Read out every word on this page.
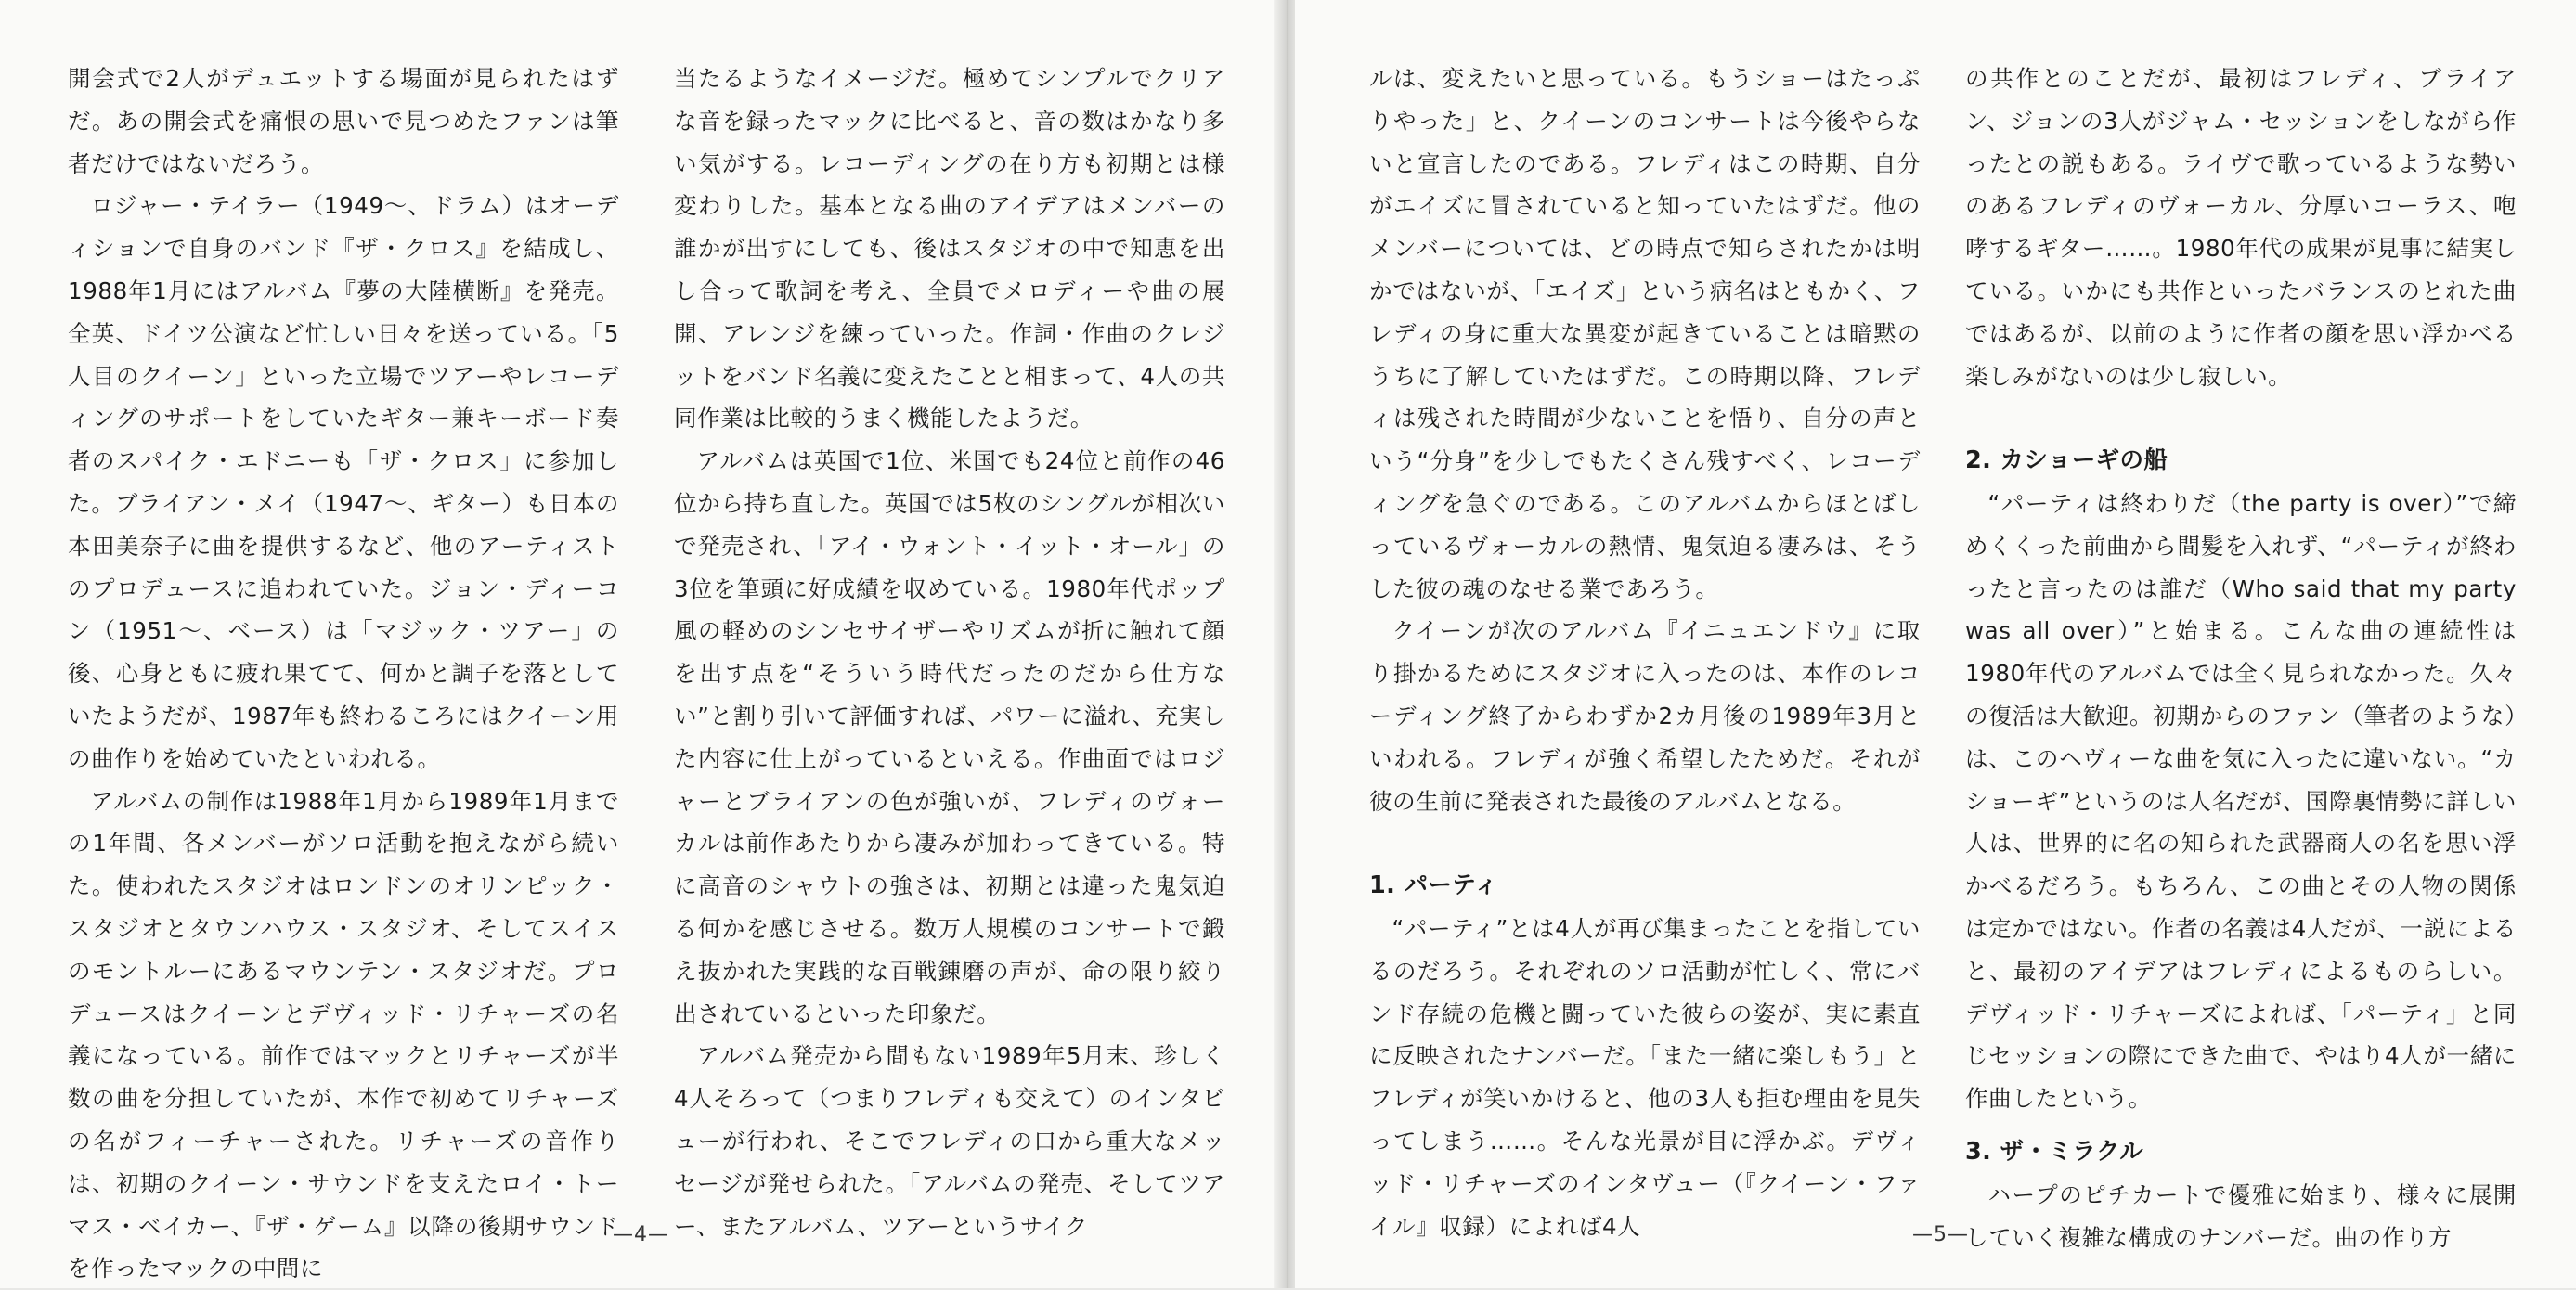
開会式で2人がデュエットする場面が見られたはずだ。あの開会式を痛恨の思いで見つめたファンは筆者だけではないだろう。

ロジャー・テイラー（1949〜、ドラム）はオーディションで自身のバンド『ザ・クロス』を結成し、1988年1月にはアルバム『夢の大陸横断』を発売。全英、ドイツ公演など忙しい日々を送っている。「5人目のクイーン」といった立場でツアーやレコーディングのサポートをしていたギター兼キーボード奏者のスパイク・エドニーも「ザ・クロス」に参加した。ブライアン・メイ（1947〜、ギター）も日本の本田美奈子に曲を提供するなど、他のアーティストのプロデュースに追われていた。ジョン・ディーコン（1951〜、ベース）は「マジック・ツアー」の後、心身ともに疲れ果てて、何かと調子を落としていたようだが、1987年も終わるころにはクイーン用の曲作りを始めていたといわれる。

アルバムの制作は1988年1月から1989年1月までの1年間、各メンバーがソロ活動を抱えながら続いた。使われたスタジオはロンドンのオリンピック・スタジオとタウンハウス・スタジオ、そしてスイスのモントルーにあるマウンテン・スタジオだ。プロデュースはクイーンとデヴィッド・リチャーズの名義になっている。前作ではマックとリチャーズが半数の曲を分担していたが、本作で初めてリチャーズの名がフィーチャーされた。リチャーズの音作りは、初期のクイーン・サウンドを支えたロイ・トーマス・ベイカー、『ザ・ゲーム』以降の後期サウンドを作ったマックの中間に

当たるようなイメージだ。極めてシンプルでクリアな音を録ったマックに比べると、音の数はかなり多い気がする。レコーディングの在り方も初期とは様変わりした。基本となる曲のアイデアはメンバーの誰かが出すにしても、後はスタジオの中で知恵を出し合って歌詞を考え、全員でメロディーや曲の展開、アレンジを練っていった。作詞・作曲のクレジットをバンド名義に変えたことと相まって、4人の共同作業は比較的うまく機能したようだ。

アルバムは英国で1位、米国でも24位と前作の46位から持ち直した。英国では5枚のシングルが相次いで発売され、「アイ・ウォント・イット・オール」の3位を筆頭に好成績を収めている。1980年代ポップ風の軽めのシンセサイザーやリズムが折に触れて顔を出す点を“そういう時代だったのだから仕方ない”と割り引いて評価すれば、パワーに溢れ、充実した内容に仕上がっているといえる。作曲面ではロジャーとブライアンの色が強いが、フレディのヴォーカルは前作あたりから凄みが加わってきている。特に高音のシャウトの強さは、初期とは違った鬼気迫る何かを感じさせる。数万人規模のコンサートで鍛え抜かれた実践的な百戦錬磨の声が、命の限り絞り出されているといった印象だ。

アルバム発売から間もない1989年5月末、珍しく4人そろって（つまりフレディも交えて）のインタビューが行われ、そこでフレディの口から重大なメッセージが発せられた。「アルバムの発売、そしてツアー、またアルバム、ツアーというサイク

—4—

ルは、変えたいと思っている。もうショーはたっぷりやった」と、クイーンのコンサートは今後やらないと宣言したのである。フレディはこの時期、自分がエイズに冒されていると知っていたはずだ。他のメンバーについては、どの時点で知らされたかは明かではないが、「エイズ」という病名はともかく、フレディの身に重大な異変が起きていることは暗黙のうちに了解していたはずだ。この時期以降、フレディは残された時間が少ないことを悟り、自分の声という“分身”を少しでもたくさん残すべく、レコーディングを急ぐのである。このアルバムからほとばしっているヴォーカルの熱情、鬼気迫る凄みは、そうした彼の魂のなせる業であろう。

クイーンが次のアルバム『イニュエンドウ』に取り掛かるためにスタジオに入ったのは、本作のレコーディング終了からわずか2カ月後の1989年3月といわれる。フレディが強く希望したためだ。それが彼の生前に発表された最後のアルバムとなる。

1. パーティ

“パーティ”とは4人が再び集まったことを指しているのだろう。それぞれのソロ活動が忙しく、常にバンド存続の危機と闘っていた彼らの姿が、実に素直に反映されたナンバーだ。「また一緒に楽しもう」とフレディが笑いかけると、他の3人も拒む理由を見失ってしまう……。そんな光景が目に浮かぶ。デヴィッド・リチャーズのインタヴュー（『クイーン・ファイル』収録）によれば4人

の共作とのことだが、最初はフレディ、ブライアン、ジョンの3人がジャム・セッションをしながら作ったとの説もある。ライヴで歌っているような勢いのあるフレディのヴォーカル、分厚いコーラス、咆哮するギター……。1980年代の成果が見事に結実している。いかにも共作といったバランスのとれた曲ではあるが、以前のように作者の顔を思い浮かべる楽しみがないのは少し寂しい。

2. カショーギの船

“パーティは終わりだ（the party is over）”で締めくくった前曲から間髪を入れず、“パーティが終わったと言ったのは誰だ（Who said that my party was all over）”と始まる。こんな曲の連続性は1980年代のアルバムでは全く見られなかった。久々の復活は大歓迎。初期からのファン（筆者のような）は、このヘヴィーな曲を気に入ったに違いない。“カショーギ”というのは人名だが、国際裏情勢に詳しい人は、世界的に名の知られた武器商人の名を思い浮かべるだろう。もちろん、この曲とその人物の関係は定かではない。作者の名義は4人だが、一説によると、最初のアイデアはフレディによるものらしい。デヴィッド・リチャーズによれば、「パーティ」と同じセッションの際にできた曲で、やはり4人が一緒に作曲したという。

3. ザ・ミラクル

ハープのピチカートで優雅に始まり、様々に展開していく複雑な構成のナンバーだ。曲の作り方

—5—
